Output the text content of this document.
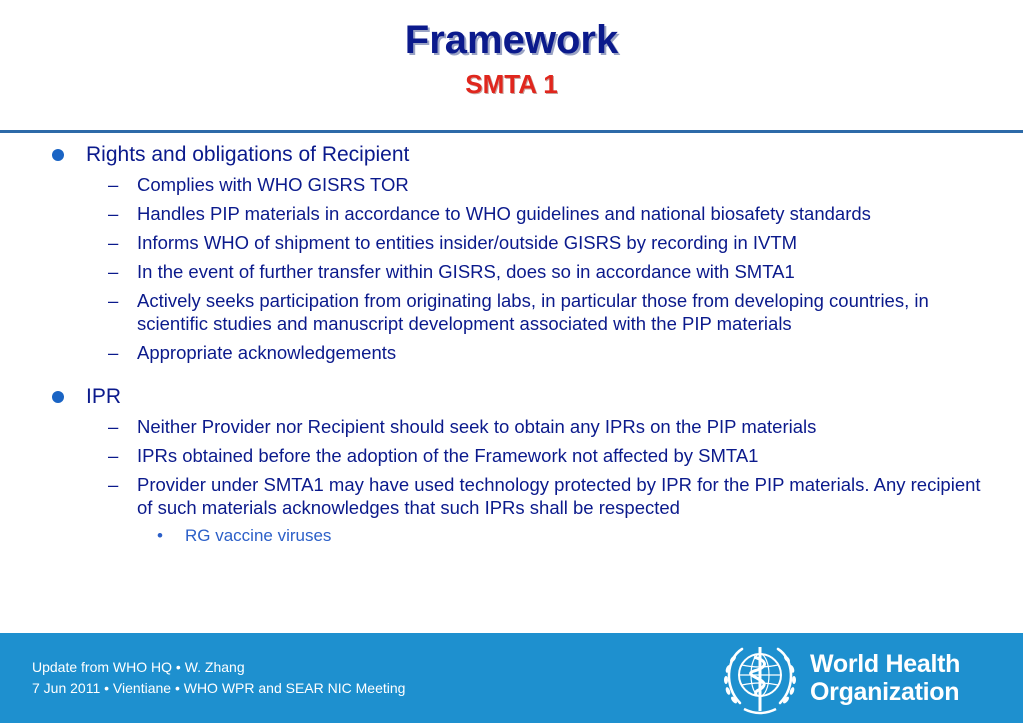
Framework
SMTA 1
Rights and obligations of Recipient
– Complies with WHO GISRS TOR
– Handles PIP materials in accordance to WHO guidelines and national biosafety standards
– Informs WHO of shipment to entities insider/outside GISRS by recording in IVTM
– In the event of further transfer within GISRS, does so in accordance with SMTA1
– Actively seeks participation from originating labs, in particular those from developing countries, in scientific studies and manuscript development associated with the PIP materials
– Appropriate acknowledgements
IPR
– Neither Provider nor Recipient should seek to obtain any IPRs on the PIP materials
– IPRs obtained before the adoption of the Framework not affected by SMTA1
– Provider under SMTA1 may have used technology protected by IPR for the PIP materials. Any recipient of such materials acknowledges that such IPRs shall be respected
• RG vaccine viruses
Update from WHO HQ • W. Zhang
7 Jun 2011 • Vientiane • WHO WPR and SEAR NIC Meeting
World Health
Organization
